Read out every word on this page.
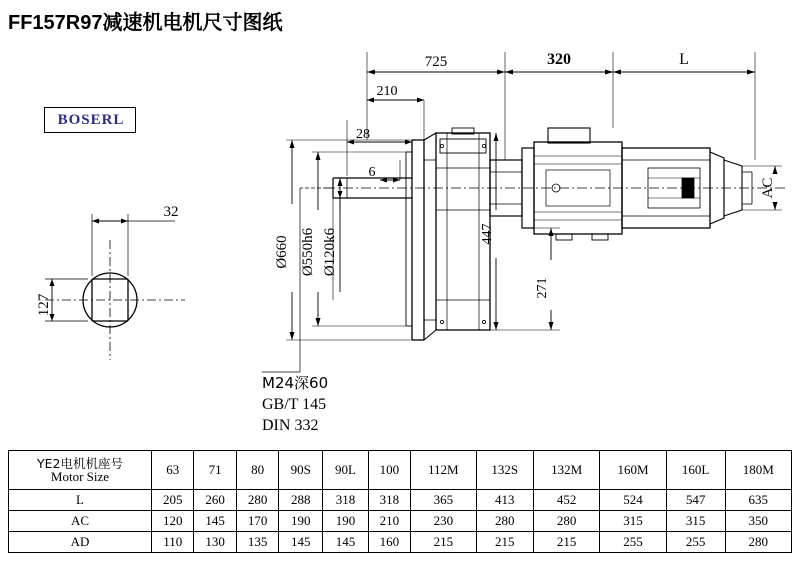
FF157R97减速机电机尺寸图纸
BOSERL
725	320	L
210
28
6
32
Ø660 Ø550h6 Ø120k6	447
271
AC
127
M24深60
GB/T 145
DIN 332
YE2电机机座号
Motor Size	63	71	80	90S	90L	100	112M	132S	132M	160M	160L	180M
L	205	260	280	288	318	318	365	413	452	524	547	635
AC	120	145	170	190	190	210	230	280	280	315	315	350
AD	110	130	135	145	145	160	215	215	215	255	255	280
